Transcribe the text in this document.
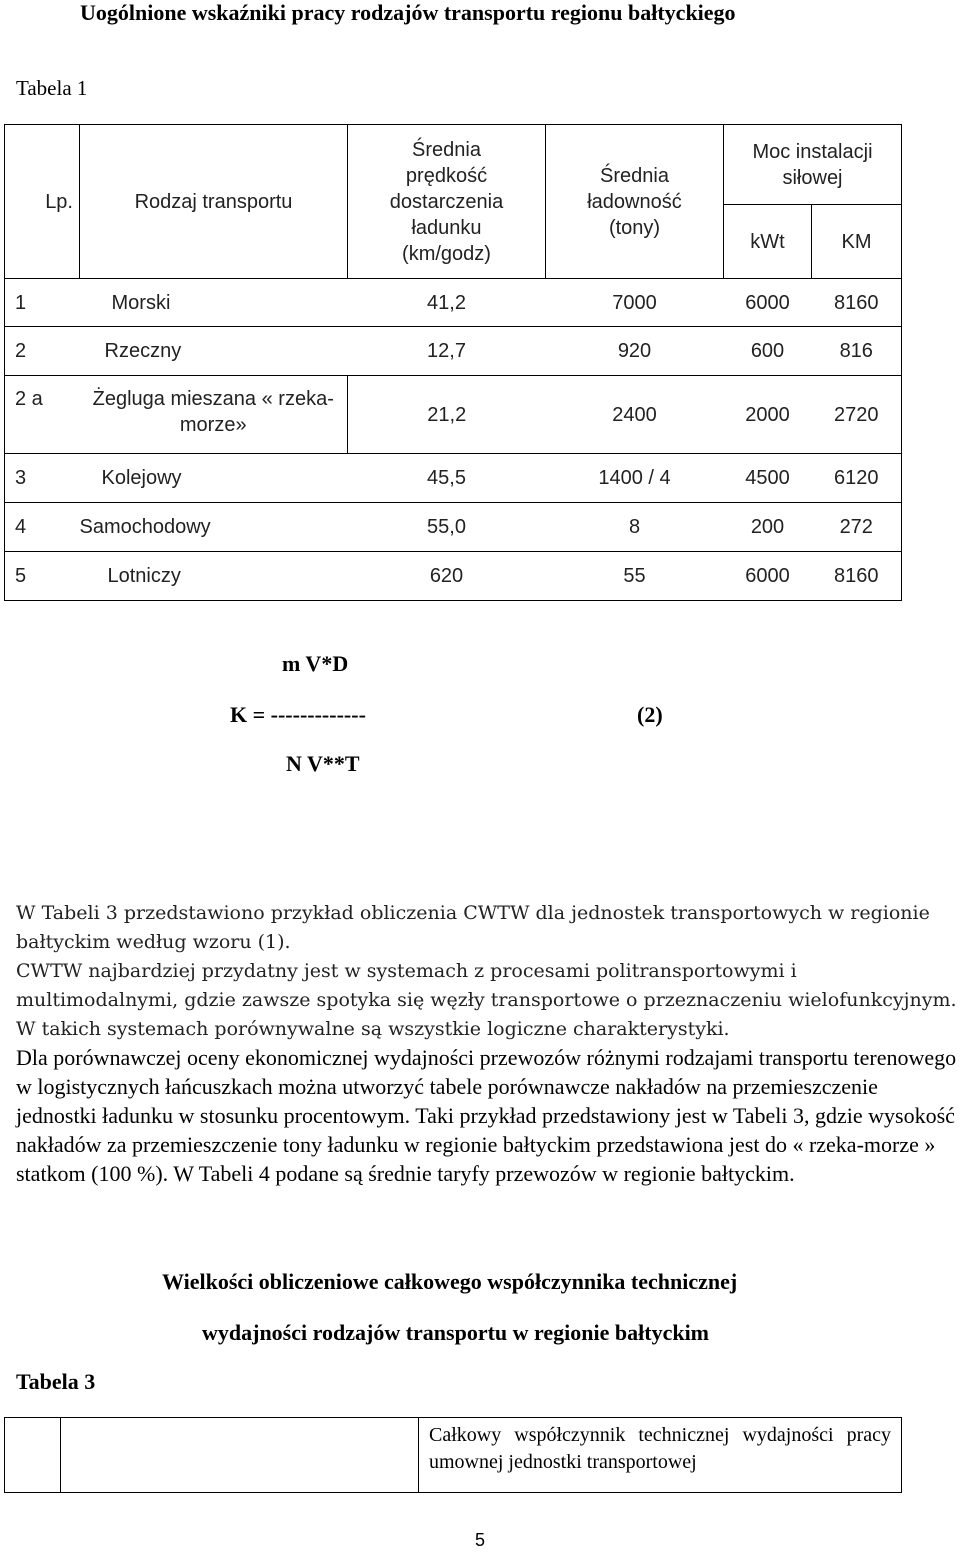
Uogólnione wskaźniki pracy rodzajów transportu regionu bałtyckiego
Tabela 1
Lp.	Rodzaj transportu	Średnia prędkość dostarczenia ładunku (km/godz)	Średnia ładowność (tony)	Moc instalacji siłowej	
				kWt	KM
1	Morski	41,2	7000	6000	8160
2	Rzeczny	12,7	920	600	816
2 a	Żegluga mieszana « rzeka-morze»	21,2	2400	2000	2720
3	Kolejowy	45,5	1400 / 4	4500	6120
4	Samochodowy	55,0	8	200	272
5	Lotniczy	620	55	6000	8160
m V*D
K = -------------	(2)
N V**T
W Tabeli 3 przedstawiono przykład obliczenia CWTW dla jednostek transportowych w regionie bałtyckim według wzoru (1).
CWTW najbardziej przydatny jest w systemach z procesami politransportowymi i multimodalnymi, gdzie zawsze spotyka się węzły transportowe o przeznaczeniu wielofunkcyjnym. W takich systemach porównywalne są wszystkie logiczne charakterystyki.
Dla porównawczej oceny ekonomicznej wydajności przewozów różnymi rodzajami transportu terenowego w logistycznych łańcuszkach można utworzyć tabele porównawcze nakładów na przemieszczenie jednostki ładunku w stosunku procentowym. Taki przykład przedstawiony jest w Tabeli 3, gdzie wysokość nakładów za przemieszczenie tony ładunku w regionie bałtyckim przedstawiona jest do « rzeka-morze » statkom (100 %). W Tabeli 4 podane są średnie taryfy przewozów w regionie bałtyckim.
Wielkości obliczeniowe całkowego współczynnika technicznej
wydajności rodzajów transportu w regionie bałtyckim
Tabela 3
		Całkowy współczynnik technicznej wydajności pracy umownej jednostki transportowej
5
